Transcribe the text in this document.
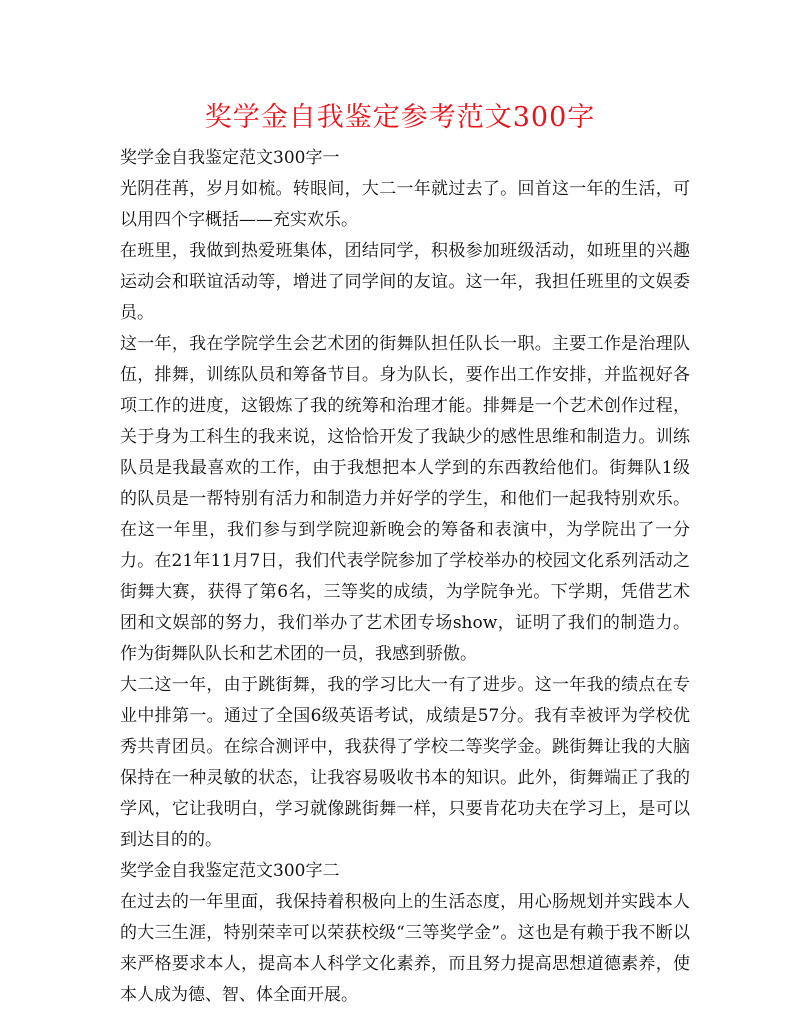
奖学金自我鉴定参考范文300字

奖学金自我鉴定范文300字一

光阴荏苒，岁月如梳。转眼间，大二一年就过去了。回首这一年的生活，可以用四个字概括——充实欢乐。

在班里，我做到热爱班集体，团结同学，积极参加班级活动，如班里的兴趣运动会和联谊活动等，增进了同学间的友谊。这一年，我担任班里的文娱委员。

这一年，我在学院学生会艺术团的街舞队担任队长一职。主要工作是治理队伍，排舞，训练队员和筹备节目。身为队长，要作出工作安排，并监视好各项工作的进度，这锻炼了我的统筹和治理才能。排舞是一个艺术创作过程，关于身为工科生的我来说，这恰恰开发了我缺少的感性思维和制造力。训练队员是我最喜欢的工作，由于我想把本人学到的东西教给他们。街舞队1级的队员是一帮特别有活力和制造力并好学的学生，和他们一起我特别欢乐。在这一年里，我们参与到学院迎新晚会的筹备和表演中，为学院出了一分力。在21年11月7日，我们代表学院参加了学校举办的校园文化系列活动之街舞大赛，获得了第6名，三等奖的成绩，为学院争光。下学期，凭借艺术团和文娱部的努力，我们举办了艺术团专场show，证明了我们的制造力。作为街舞队队长和艺术团的一员，我感到骄傲。

大二这一年，由于跳街舞，我的学习比大一有了进步。这一年我的绩点在专业中排第一。通过了全国6级英语考试，成绩是57分。我有幸被评为学校优秀共青团员。在综合测评中，我获得了学校二等奖学金。跳街舞让我的大脑保持在一种灵敏的状态，让我容易吸收书本的知识。此外，街舞端正了我的学风，它让我明白，学习就像跳街舞一样，只要肯花功夫在学习上，是可以到达目的的。

奖学金自我鉴定范文300字二

在过去的一年里面，我保持着积极向上的生活态度，用心肠规划并实践本人的大三生涯，特别荣幸可以荣获校级“三等奖学金”。这也是有赖于我不断以来严格要求本人，提高本人科学文化素养，而且努力提高思想道德素养，使本人成为德、智、体全面开展。
